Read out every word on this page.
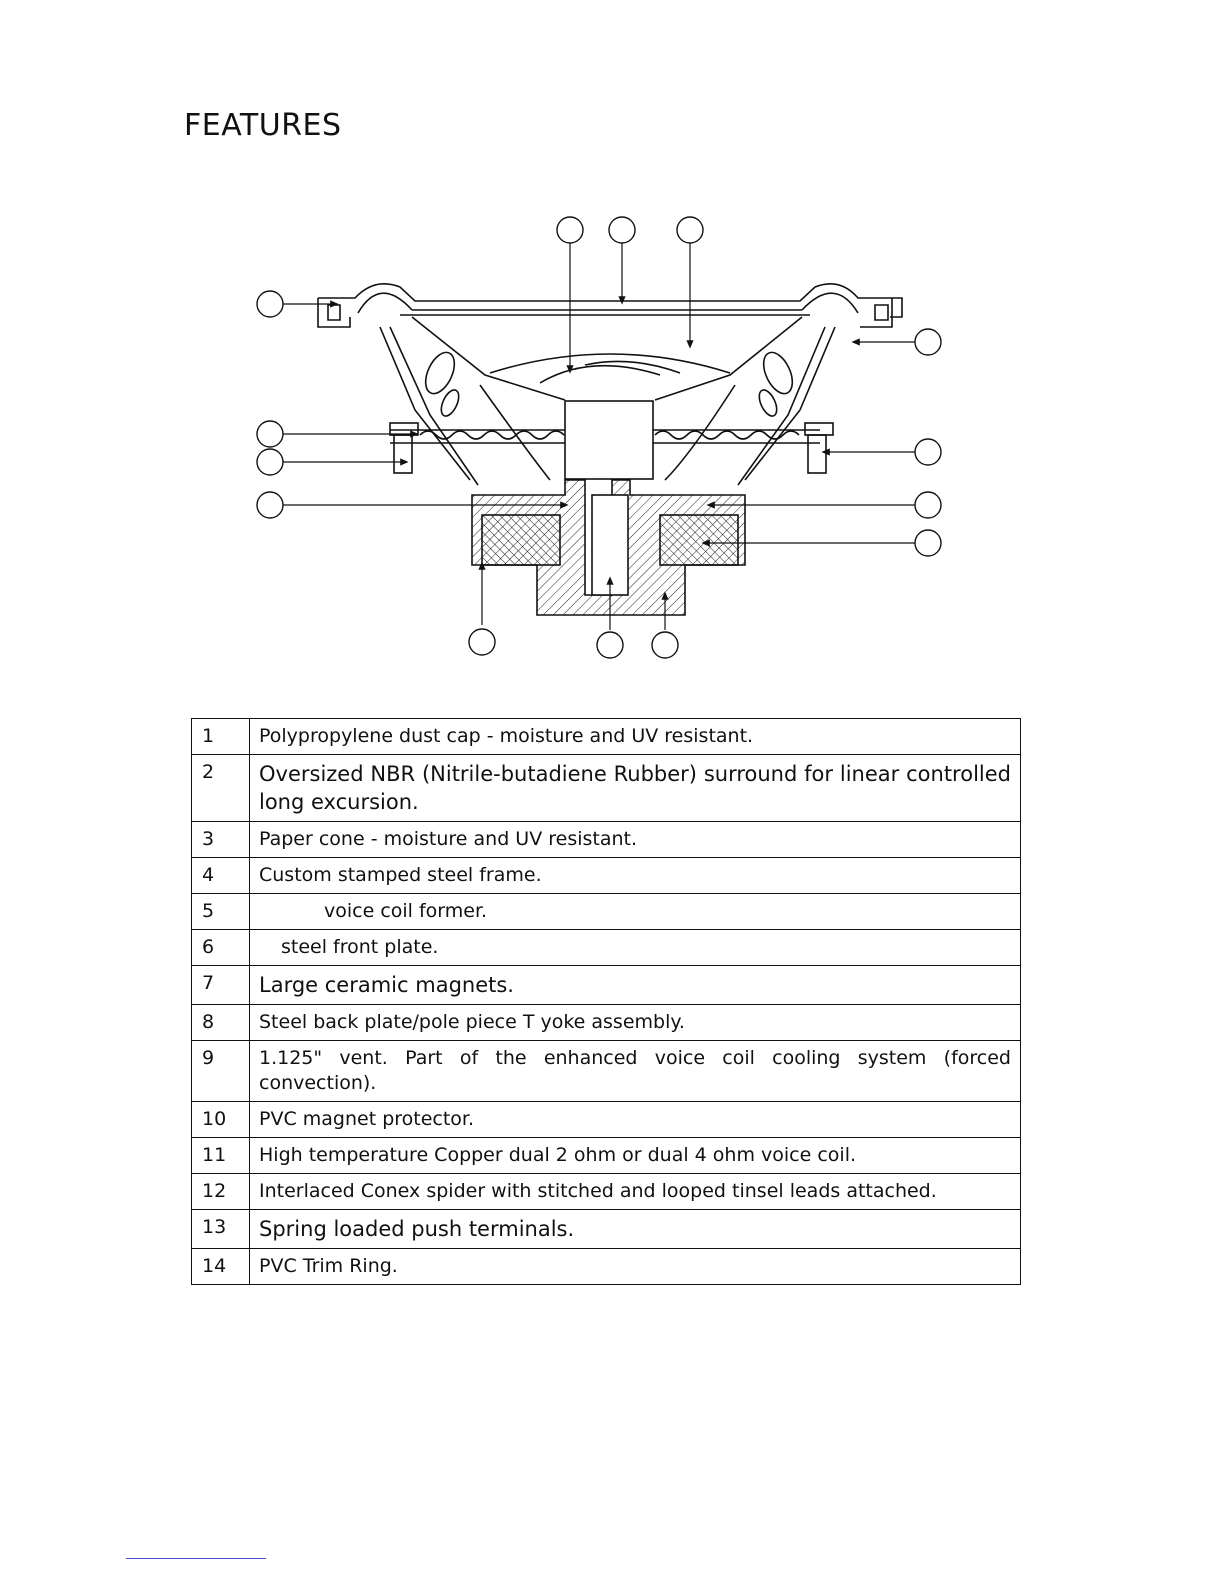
FEATURES
1	Polypropylene dust cap - moisture and UV resistant.
2	Oversized NBR (Nitrile-butadiene Rubber) surround for linear controlled long excursion.
3	Paper cone - moisture and UV resistant.
4	Custom stamped steel frame.
5	voice coil former.
6	steel front plate.
7	Large ceramic magnets.
8	Steel back plate/pole piece T yoke assembly.
9	1.125" vent. Part of the enhanced voice coil cooling system (forced convection).
10	PVC magnet protector.
11	High temperature Copper dual 2 ohm or dual 4 ohm voice coil.
12	Interlaced Conex spider with stitched and looped tinsel leads attached.
13	Spring loaded push terminals.
14	PVC Trim Ring.
